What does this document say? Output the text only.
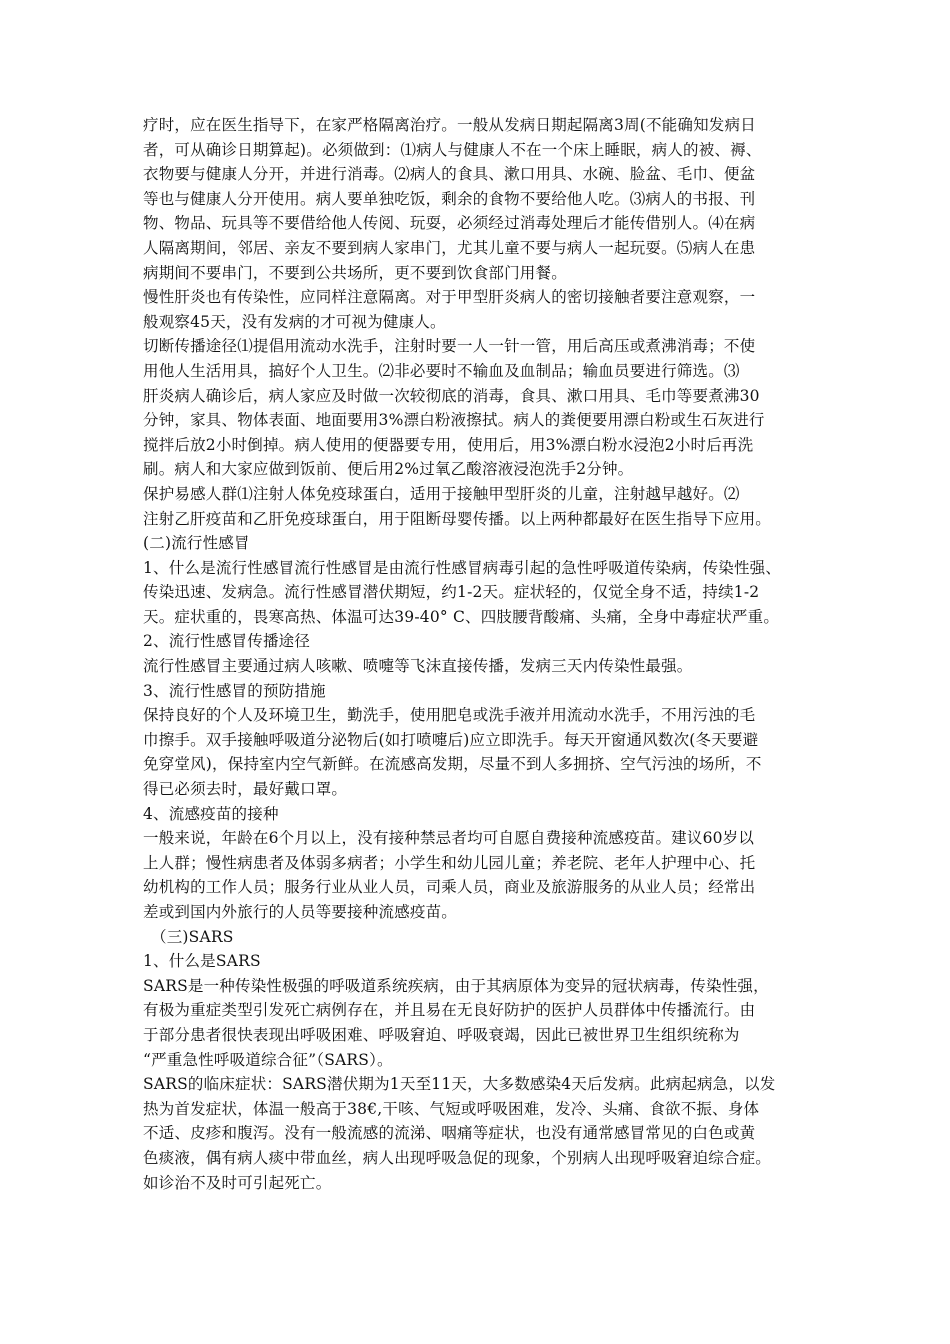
疗时，应在医生指导下，在家严格隔离治疗。一般从发病日期起隔离3周(不能确知发病日
者，可从确诊日期算起)。必须做到：⑴病人与健康人不在一个床上睡眠，病人的被、褥、
衣物要与健康人分开，并进行消毒。⑵病人的食具、漱口用具、水碗、脸盆、毛巾、便盆
等也与健康人分开使用。病人要单独吃饭，剩余的食物不要给他人吃。⑶病人的书报、刊
物、物品、玩具等不要借给他人传阅、玩耍，必须经过消毒处理后才能传借别人。⑷在病
人隔离期间，邻居、亲友不要到病人家串门，尤其儿童不要与病人一起玩耍。⑸病人在患
病期间不要串门，不要到公共场所，更不要到饮食部门用餐。
慢性肝炎也有传染性，应同样注意隔离。对于甲型肝炎病人的密切接触者要注意观察，一
般观察45天，没有发病的才可视为健康人。
切断传播途径⑴提倡用流动水洗手，注射时要一人一针一管，用后高压或煮沸消毒；不使
用他人生活用具，搞好个人卫生。⑵非必要时不输血及血制品；输血员要进行筛选。⑶
肝炎病人确诊后，病人家应及时做一次较彻底的消毒，食具、漱口用具、毛巾等要煮沸30
分钟，家具、物体表面、地面要用3%漂白粉液擦拭。病人的粪便要用漂白粉或生石灰进行
搅拌后放2小时倒掉。病人使用的便器要专用，使用后，用3%漂白粉水浸泡2小时后再洗
刷。病人和大家应做到饭前、便后用2%过氧乙酸溶液浸泡洗手2分钟。
保护易感人群⑴注射人体免疫球蛋白，适用于接触甲型肝炎的儿童，注射越早越好。⑵
注射乙肝疫苗和乙肝免疫球蛋白，用于阻断母婴传播。以上两种都最好在医生指导下应用。
(二)流行性感冒
1、什么是流行性感冒流行性感冒是由流行性感冒病毒引起的急性呼吸道传染病，传染性强、
传染迅速、发病急。流行性感冒潜伏期短，约1-2天。症状轻的，仅觉全身不适，持续1-2
天。症状重的，畏寒高热、体温可达39-40° C、四肢腰背酸痛、头痛，全身中毒症状严重。
2、流行性感冒传播途径
流行性感冒主要通过病人咳嗽、喷嚏等飞沫直接传播，发病三天内传染性最强。
3、流行性感冒的预防措施
保持良好的个人及环境卫生，勤洗手，使用肥皂或洗手液并用流动水洗手，不用污浊的毛
巾擦手。双手接触呼吸道分泌物后(如打喷嚏后)应立即洗手。每天开窗通风数次(冬天要避
免穿堂风)，保持室内空气新鲜。在流感高发期，尽量不到人多拥挤、空气污浊的场所，不
得已必须去时，最好戴口罩。
4、流感疫苗的接种
一般来说，年龄在6个月以上，没有接种禁忌者均可自愿自费接种流感疫苗。建议60岁以
上人群；慢性病患者及体弱多病者；小学生和幼儿园儿童；养老院、老年人护理中心、托
幼机构的工作人员；服务行业从业人员，司乘人员，商业及旅游服务的从业人员；经常出
差或到国内外旅行的人员等要接种流感疫苗。
（三)SARS
1、什么是SARS
SARS是一种传染性极强的呼吸道系统疾病，由于其病原体为变异的冠状病毒，传染性强，
有极为重症类型引发死亡病例存在，并且易在无良好防护的医护人员群体中传播流行。由
于部分患者很快表现出呼吸困难、呼吸窘迫、呼吸衰竭，因此已被世界卫生组织统称为
“严重急性呼吸道综合征”（SARS）。
SARS的临床症状：SARS潜伏期为1天至11天，大多数感染4天后发病。此病起病急，以发
热为首发症状，体温一般高于38€,干咳、气短或呼吸困难，发冷、头痛、食欲不振、身体
不适、皮疹和腹泻。没有一般流感的流涕、咽痛等症状，也没有通常感冒常见的白色或黄
色痰液，偶有病人痰中带血丝，病人出现呼吸急促的现象，个别病人出现呼吸窘迫综合症。
如诊治不及时可引起死亡。
